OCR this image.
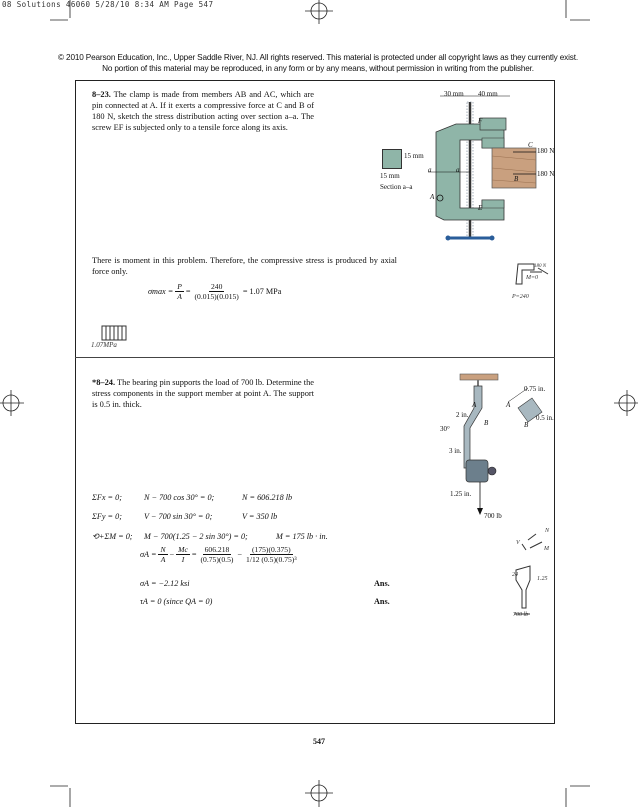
08 Solutions 46060 5/28/10 8:34 AM Page 547
© 2010 Pearson Education, Inc., Upper Saddle River, NJ. All rights reserved. This material is protected under all copyright laws as they currently exist. No portion of this material may be reproduced, in any form or by any means, without permission in writing from the publisher.
8–23. The clamp is made from members AB and AC, which are pin connected at A. If it exerts a compressive force at C and B of 180 N, sketch the stress distribution acting over section a–a. The screw EF is subjected only to a tensile force along its axis.
30 mm 40 mm
F
C
180 N
B
180 N
a	a
A
E
15 mm
15 mm
Section a–a
There is moment in this problem. Therefore, the compressive stress is produced by axial force only.
$\sigma\max = \frac{P}{A} = \frac{240}{(0.015)(0.015)} = 1.07$ MPa
1.07MPa
M=0
P=240
180 N
*8–24. The bearing pin supports the load of 700 lb. Determine the stress components in the support member at point A. The support is 0.5 in. thick.
0.75 in.
0.5 in.
A	A
B	B
2 in.
30°
3 in.
1.25 in.
700 lb
ΣFx = 0;	N − 700 cos 30° = 0;	N = 606.218 lb
ΣFy = 0;	V − 700 sin 30° = 0;	V = 350 lb
⟲+ΣM = 0; M − 700(1.25 − 2 sin 30°) = 0;	M = 175 lb · in.
$\sigma A = \frac{N}{A} - \frac{Mc}{I} = \frac{606.218}{(0.75)(0.5)} - \frac{(175)(0.375)}{\text{1/12 (0.5)(0.75)³}}$
σA = −2.12 ksi
τA = 0 (since QA = 0)
Ans.
Ans.
N
M
V
24
1.25
700 lb
547
